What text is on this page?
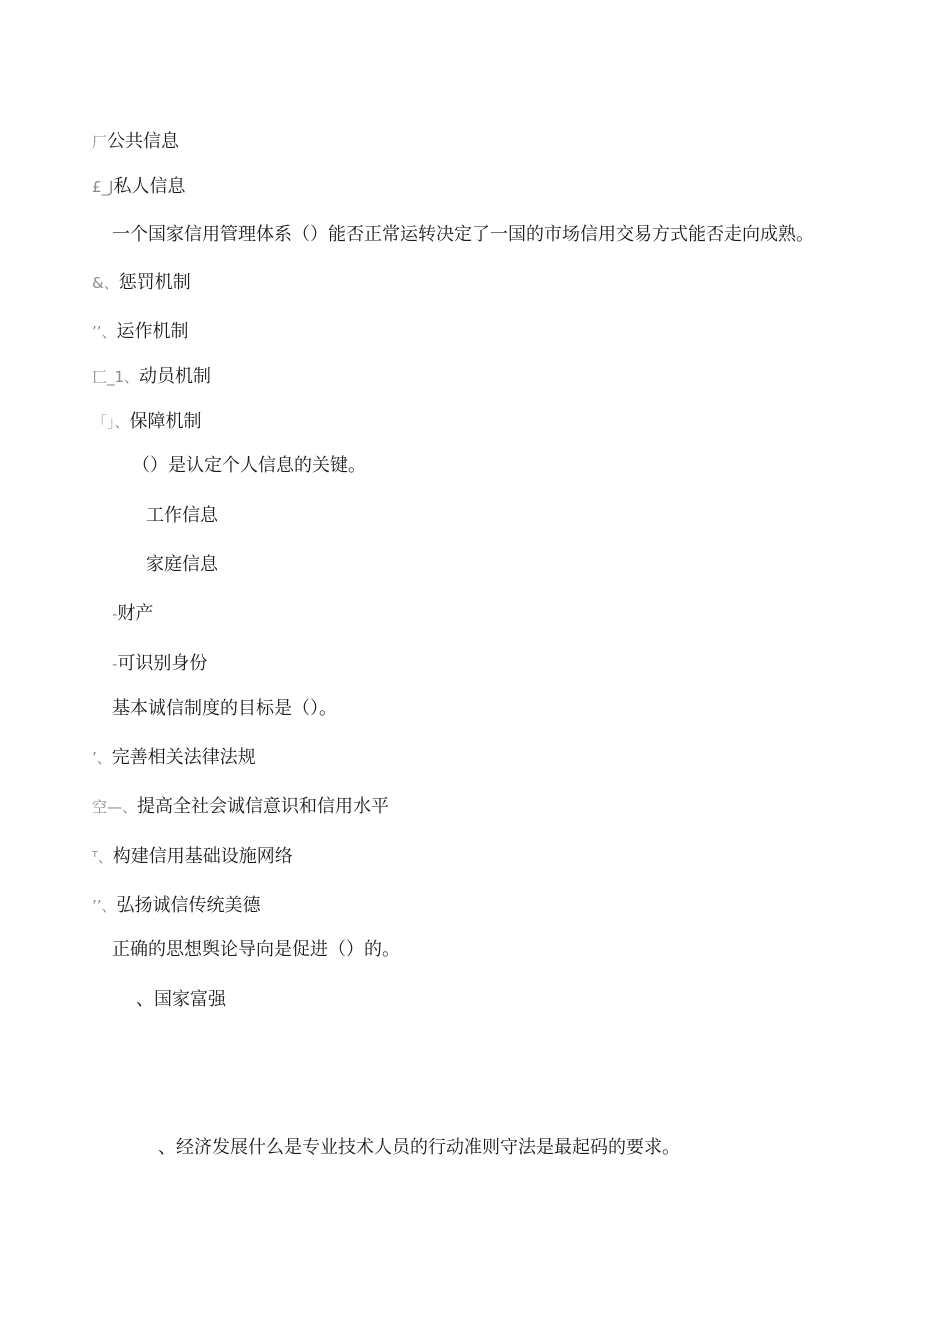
厂公共信息
£_J私人信息
一个国家信用管理体系（）能否正常运转决定了一国的市场信用交易方式能否走向成熟。
&、惩罚机制
’’、运作机制
匸_1、动员机制
「」、保障机制
（）是认定个人信息的关键。
工作信息
家庭信息
-财产
-可识别身份
基本诚信制度的目标是（）。
’、完善相关法律法规
空—、提高全社会诚信意识和信用水平
ᵀ、构建信用基础设施网络
’’、弘扬诚信传统美德
正确的思想舆论导向是促进（）的。
、国家富强
、经济发展什么是专业技术人员的行动准则守法是最起码的要求。
